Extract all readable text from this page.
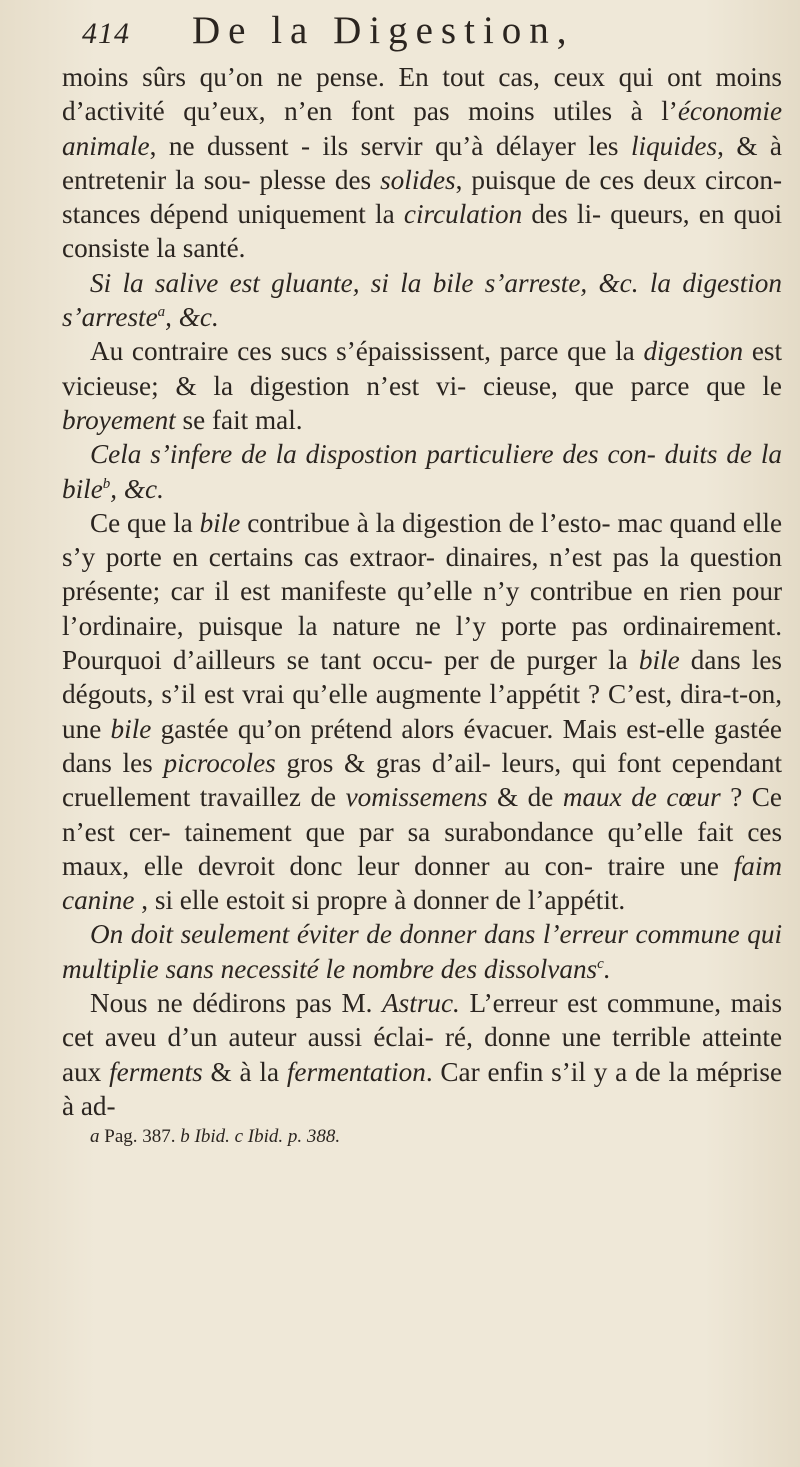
414	De la Digestion,

moins sûrs qu’on ne pense. En tout cas, ceux qui ont moins d’activité qu’eux, n’en font pas moins utiles à l’économie animale, ne dussent - ils servir qu’à délayer les liquides, & à entretenir la sou- plesse des solides, puisque de ces deux circon- stances dépend uniquement la circulation des li- queurs, en quoi consiste la santé.

Si la salive est gluante, si la bile s’arreste, &c. la digestion s’arreste$^a$, &c.

Au contraire ces sucs s’épaississent, parce que la digestion est vicieuse; & la digestion n’est vi- cieuse, que parce que le broyement se fait mal.

Cela s’infere de la dispostion particuliere des con- duits de la bile$^b$, &c.

Ce que la bile contribue à la digestion de l’esto- mac quand elle s’y porte en certains cas extraor- dinaires, n’est pas la question présente; car il est manifeste qu’elle n’y contribue en rien pour l’ordinaire, puisque la nature ne l’y porte pas ordinairement. Pourquoi d’ailleurs se tant occu- per de purger la bile dans les dégouts, s’il est vrai qu’elle augmente l’appétit ? C’est, dira-t-on, une bile gastée qu’on prétend alors évacuer. Mais est-elle gastée dans les picrocoles gros & gras d’ail- leurs, qui font cependant cruellement travaillez de vomissemens & de maux de cœur ? Ce n’est cer- tainement que par sa surabondance qu’elle fait ces maux, elle devroit donc leur donner au con- traire une faim canine , si elle estoit si propre à donner de l’appétit.

On doit seulement éviter de donner dans l’erreur commune qui multiplie sans necessité le nombre des dissolvans$^c$.

Nous ne dédirons pas M. Astruc. L’erreur est commune, mais cet aveu d’un auteur aussi éclai- ré, donne une terrible atteinte aux ferments & à la fermentation. Car enfin s’il y a de la méprise à ad-

a Pag. 387. b Ibid. c Ibid. p. 388.
